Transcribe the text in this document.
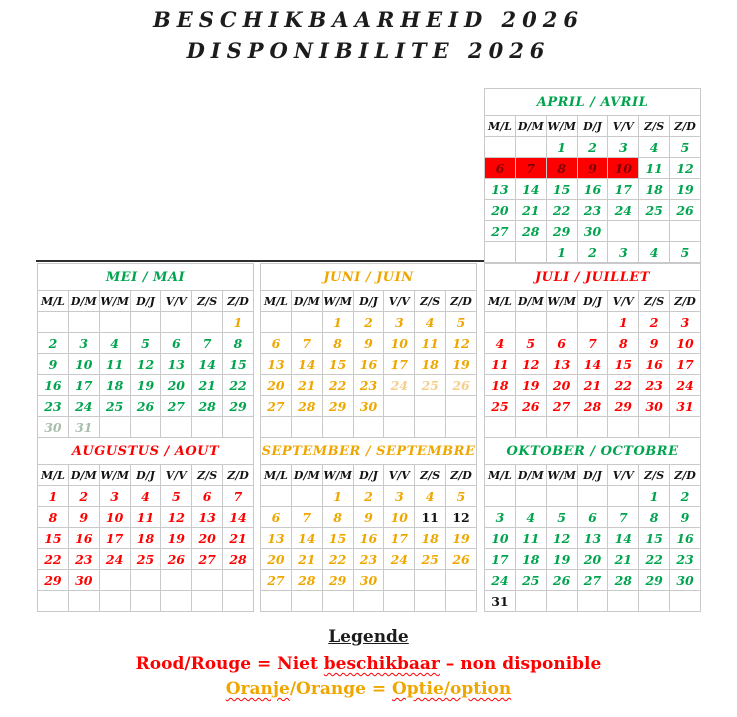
BESCHIKBAARHEID 2026
DISPONIBILITE 2026
APRIL / AVRIL						
M/L	D/M	W/M	D/J	V/V	Z/S	Z/D
		1	2	3	4	5
6	7	8	9	10	11	12
13	14	15	16	17	18	19
20	21	22	23	24	25	26
27	28	29	30			
		1	2	3	4	5
MEI / MAI						
M/L	D/M	W/M	D/J	V/V	Z/S	Z/D
						1
2	3	4	5	6	7	8
9	10	11	12	13	14	15
16	17	18	19	20	21	22
23	24	25	26	27	28	29
30	31					
JUNI / JUIN						
M/L	D/M	W/M	D/J	V/V	Z/S	Z/D
		1	2	3	4	5
6	7	8	9	10	11	12
13	14	15	16	17	18	19
20	21	22	23	24	25	26
27	28	29	30			

JULI / JUILLET						
M/L	D/M	W/M	D/J	V/V	Z/S	Z/D
				1	2	3
4	5	6	7	8	9	10
11	12	13	14	15	16	17
18	19	20	21	22	23	24
25	26	27	28	29	30	31

AUGUSTUS / AOUT						
M/L	D/M	W/M	D/J	V/V	Z/S	Z/D
1	2	3	4	5	6	7
8	9	10	11	12	13	14
15	16	17	18	19	20	21
22	23	24	25	26	27	28
29	30					

SEPTEMBER / SEPTEMBRE						
M/L	D/M	W/M	D/J	V/V	Z/S	Z/D
		1	2	3	4	5
6	7	8	9	10	11	12
13	14	15	16	17	18	19
20	21	22	23	24	25	26
27	28	29	30			

OKTOBER / OCTOBRE						
M/L	D/M	W/M	D/J	V/V	Z/S	Z/D
					1	2
3	4	5	6	7	8	9
10	11	12	13	14	15	16
17	18	19	20	21	22	23
24	25	26	27	28	29	30
31						
Legende
Rood/Rouge = Niet beschikbaar – non disponible
Oranje/Orange = Optie/option
